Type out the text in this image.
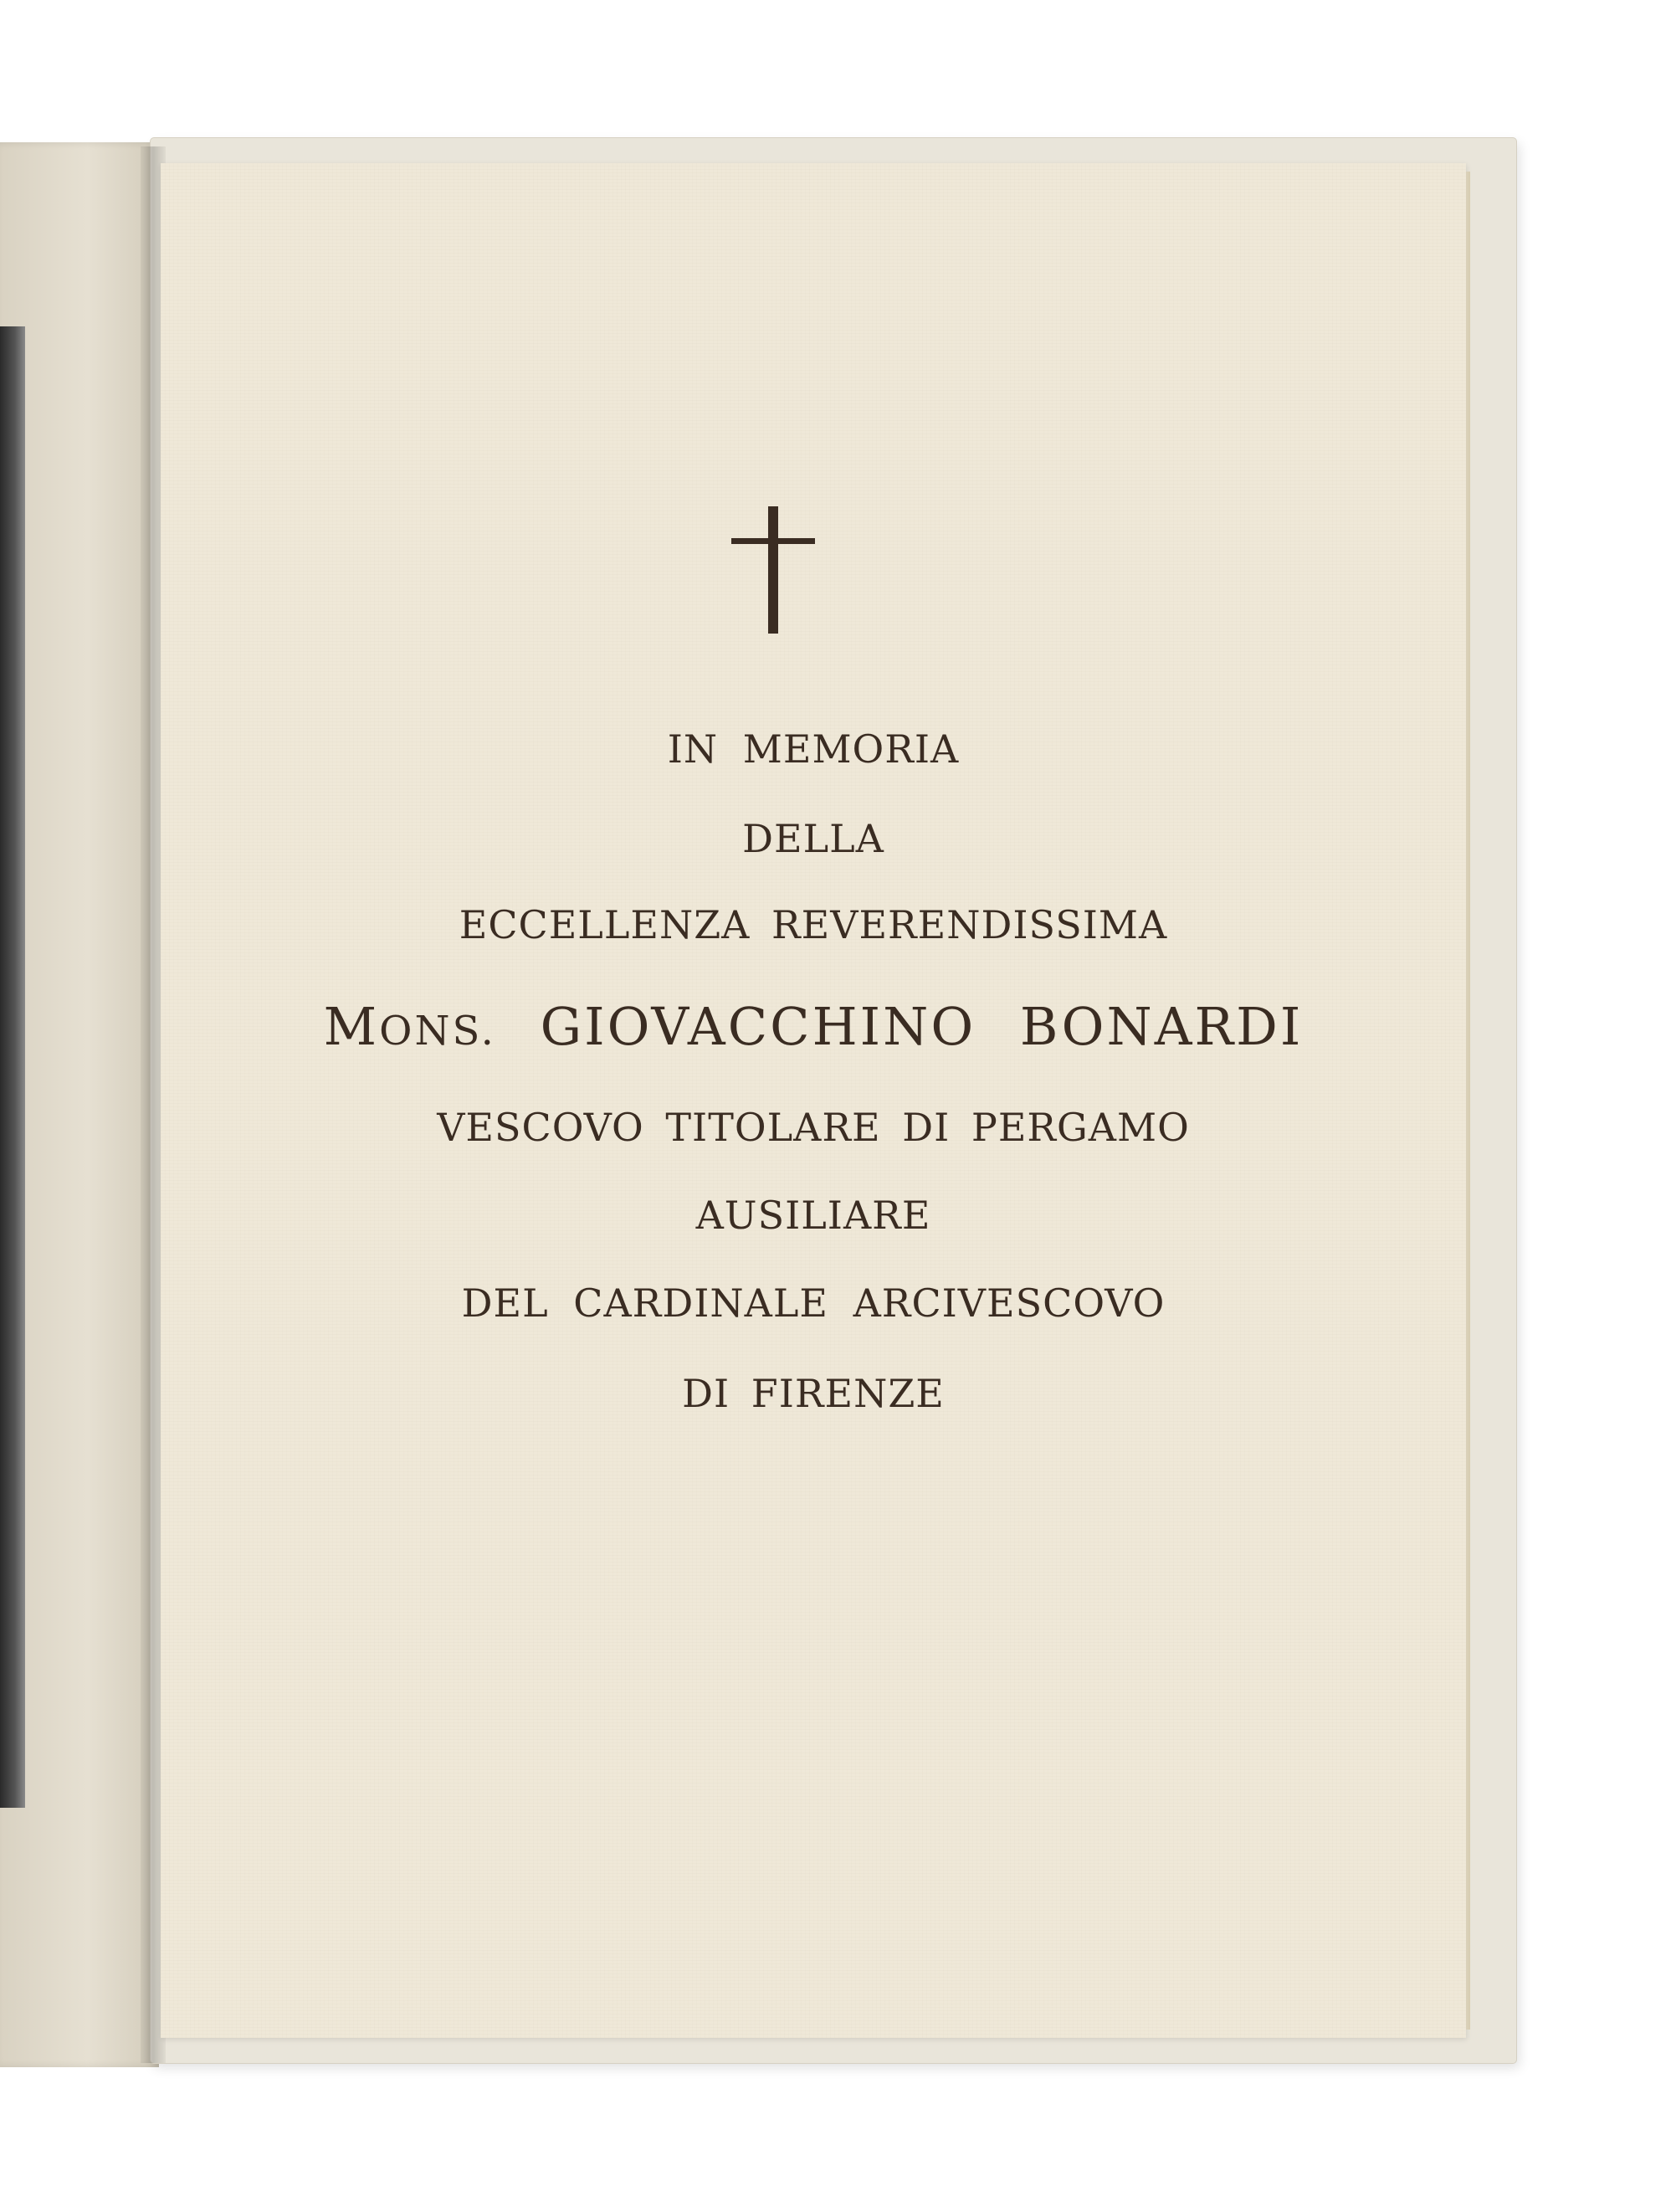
IN MEMORIA
DELLA
ECCELLENZA REVERENDISSIMA
MONS. GIOVACCHINO BONARDI
VESCOVO TITOLARE DI PERGAMO
AUSILIARE
DEL CARDINALE ARCIVESCOVO
DI FIRENZE
